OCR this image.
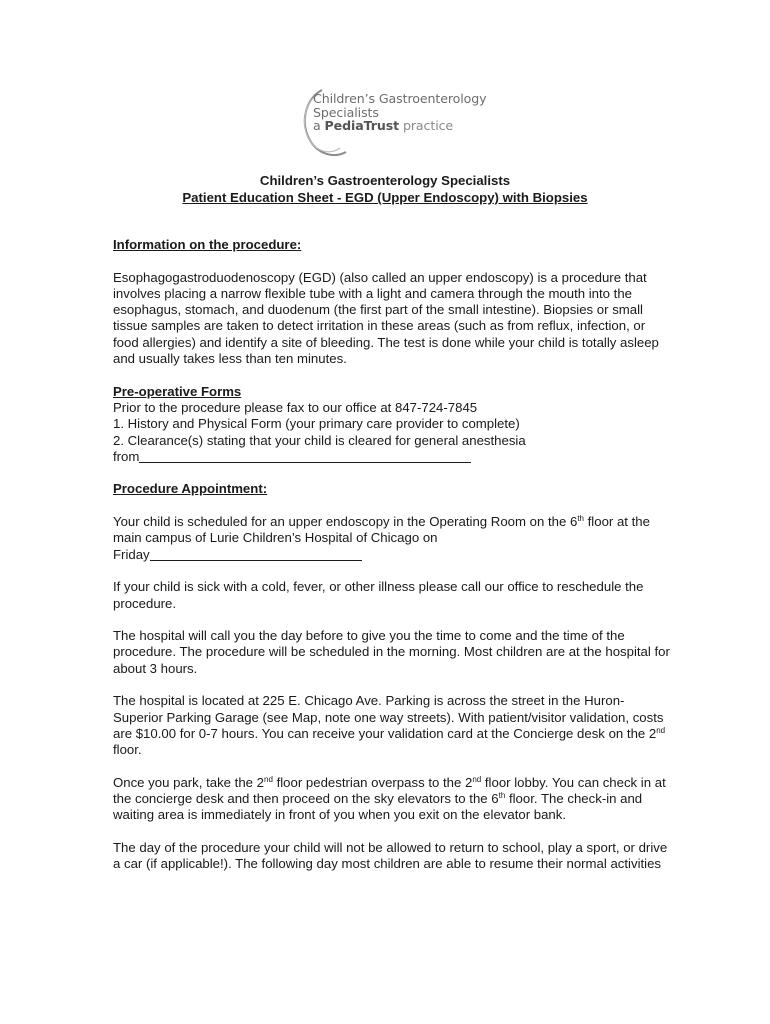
Children’s Gastroenterology
Specialists
a PediaTrust practice
Children’s Gastroenterology Specialists
Patient Education Sheet - EGD (Upper Endoscopy) with Biopsies

Information on the procedure:

Esophagogastroduodenoscopy (EGD) (also called an upper endoscopy) is a procedure that involves placing a narrow flexible tube with a light and camera through the mouth into the esophagus, stomach, and duodenum (the first part of the small intestine). Biopsies or small tissue samples are taken to detect irritation in these areas (such as from reflux, infection, or food allergies) and identify a site of bleeding. The test is done while your child is totally asleep and usually takes less than ten minutes.

Pre-operative Forms
Prior to the procedure please fax to our office at 847-724-7845
1. History and Physical Form (your primary care provider to complete)
2. Clearance(s) stating that your child is cleared for general anesthesia
from

Procedure Appointment:

Your child is scheduled for an upper endoscopy in the Operating Room on the 6th floor at the main campus of Lurie Children’s Hospital of Chicago on
Friday

If your child is sick with a cold, fever, or other illness please call our office to reschedule the procedure.

The hospital will call you the day before to give you the time to come and the time of the procedure. The procedure will be scheduled in the morning. Most children are at the hospital for about 3 hours.

The hospital is located at 225 E. Chicago Ave. Parking is across the street in the Huron-Superior Parking Garage (see Map, note one way streets). With patient/visitor validation, costs are $10.00 for 0-7 hours. You can receive your validation card at the Concierge desk on the 2nd floor.

Once you park, take the 2nd floor pedestrian overpass to the 2nd floor lobby. You can check in at the concierge desk and then proceed on the sky elevators to the 6th floor. The check-in and waiting area is immediately in front of you when you exit on the elevator bank.

The day of the procedure your child will not be allowed to return to school, play a sport, or drive a car (if applicable!). The following day most children are able to resume their normal activities
